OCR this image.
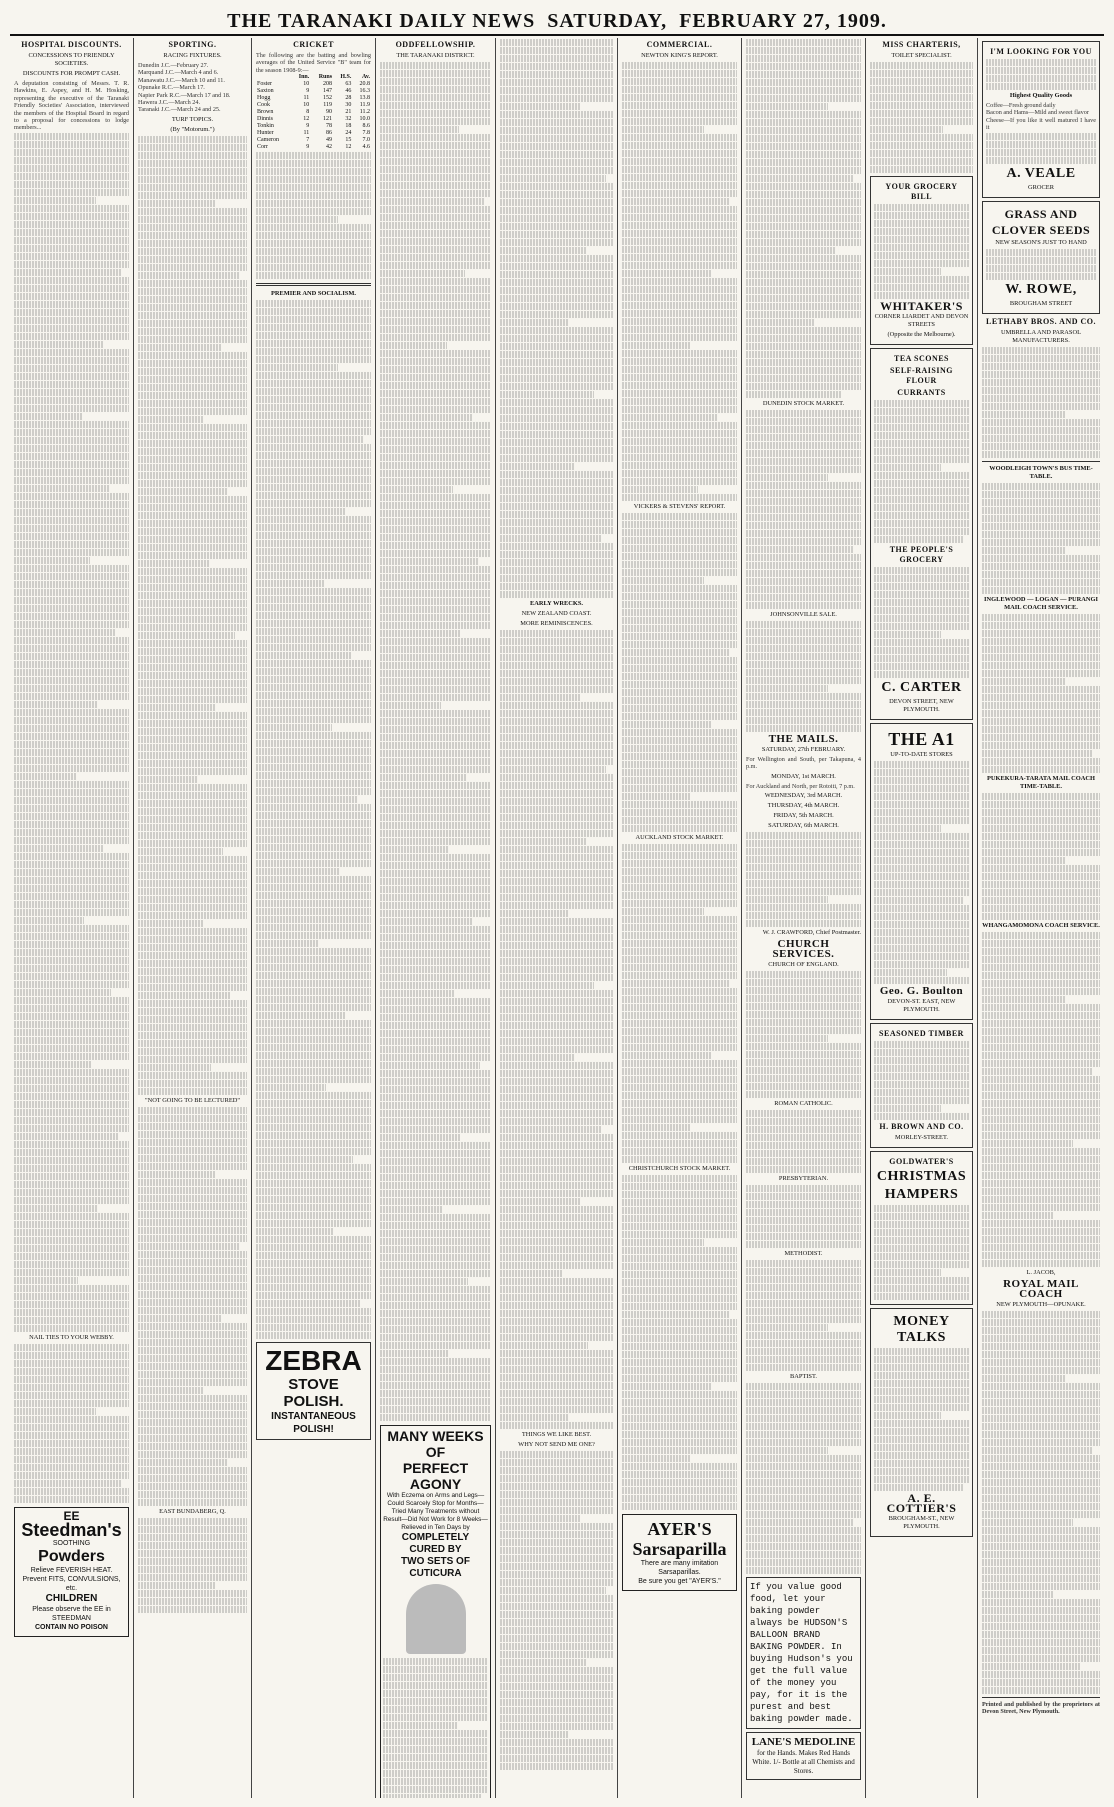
THE TARANAKI DAILY NEWS SATURDAY, FEBRUARY 27, 1909.
HOSPITAL DISCOUNTS.
CONCESSIONS TO FRIENDLY SOCIETIES.
DISCOUNTS FOR PROMPT CASH.
A deputation consisting of Messrs. T. R. Hawkins, E. Aspey, and H. M. Hosking, representing the executive of the Taranaki Friendly Societies' Association, interviewed the members of the Hospital Board in regard to a proposal for concessions to lodge members...
NAIL TIES TO YOUR WEBBY.
EE
Steedman's
SOOTHING
Powders
Relieve FEVERISH HEAT.
Prevent FITS, CONVULSIONS, etc.
CHILDREN
Please observe the EE in STEEDMAN
CONTAIN NO POISON
SPORTING.
RACING FIXTURES.
Dunedin J.C.—February 27.
Marquand J.C.—March 4 and 6.
Manawatu J.C.—March 10 and 11.
Opunake R.C.—March 17.
Napier Park R.C.—March 17 and 18.
Hawera J.C.—March 24.
Taranaki J.C.—March 24 and 25.
TURF TOPICS.
(By "Motorum.")
"NOT GOING TO BE LECTURED"
EAST BUNDABERG, Q.
CRICKET
The following are the batting and bowling averages of the United Service "B" team for the season 1908-9:—
	Inn.	Runs	H.S.	Av.
Foster	10	208	63	20.8
Saxton	9	147	46	16.3
Hogg	11	152	28	13.8
Cook	10	119	30	11.9
Brown	8	90	21	11.2
Dinnis	12	121	32	10.0
Tonkin	9	78	18	8.6
Hunter	11	86	24	7.8
Cameron	7	49	15	7.0
Corr	9	42	12	4.6
PREMIER AND SOCIALISM.
ZEBRA
STOVE POLISH.
INSTANTANEOUS POLISH!
ODDFELLOWSHIP.
THE TARANAKI DISTRICT.
MANY WEEKS OF
PERFECT AGONY
With Eczema on Arms and Legs— Could Scarcely Stop for Months— Tried Many Treatments without Result—Did Not Work for 8 Weeks—Relieved in Ten Days by
COMPLETELY CURED BY
TWO SETS OF CUTICURA
EARLY WRECKS.
NEW ZEALAND COAST.
MORE REMINISCENCES.
THINGS WE LIKE BEST.
WHY NOT SEND ME ONE?
COMMERCIAL.
NEWTON KING'S REPORT.
VICKERS & STEVENS' REPORT.
AUCKLAND STOCK MARKET.
CHRISTCHURCH STOCK MARKET.
AYER'S
Sarsaparilla
There are many imitation Sarsaparillas.
Be sure you get "AYER'S."
DUNEDIN STOCK MARKET.
JOHNSONVILLE SALE.
THE MAILS.
SATURDAY, 27th FEBRUARY.
For Wellington and South, per Takapuna, 4 p.m.
MONDAY, 1st MARCH.
For Auckland and North, per Rotoiti, 7 p.m.
WEDNESDAY, 3rd MARCH.
THURSDAY, 4th MARCH.
FRIDAY, 5th MARCH.
SATURDAY, 6th MARCH.
W. J. CRAWFORD, Chief Postmaster.
CHURCH SERVICES.
CHURCH OF ENGLAND.
ROMAN CATHOLIC.
PRESBYTERIAN.
METHODIST.
BAPTIST.
If you value good food, let your baking powder always be HUDSON'S BALLOON BRAND BAKING POWDER. In buying Hudson's you get the full value of the money you pay, for it is the purest and best baking powder made.
LANE'S MEDOLINE
for the Hands. Makes Red Hands White. 1/- Bottle at all Chemists and Stores.
MISS CHARTERIS,
TOILET SPECIALIST.
YOUR GROCERY BILL
WHITAKER'S
CORNER LIARDET AND DEVON STREETS
(Opposite the Melbourne).
TEA SCONES
SELF-RAISING FLOUR
CURRANTS
THE PEOPLE'S GROCERY
C. CARTER
DEVON STREET, NEW PLYMOUTH.
THE A1
UP-TO-DATE STORES
Geo. G. Boulton
DEVON-ST. EAST, NEW PLYMOUTH.
SEASONED TIMBER
H. BROWN AND CO.
MORLEY-STREET.
GOLDWATER'S
CHRISTMAS
HAMPERS
MONEY TALKS
A. E. COTTIER'S
BROUGHAM-ST., NEW PLYMOUTH.
I'M LOOKING FOR YOU
Highest Quality Goods
Coffee—Fresh ground daily
Bacon and Hams—Mild and sweet flavor
Cheese—If you like it well matured I have it
A. VEALE
GROCER
GRASS AND
CLOVER SEEDS
NEW SEASON'S JUST TO HAND
W. ROWE,
BROUGHAM STREET
LETHABY BROS. AND CO.
UMBRELLA AND PARASOL MANUFACTURERS.
WOODLEIGH TOWN'S BUS TIME-TABLE.
INGLEWOOD — LOGAN — PURANGI MAIL COACH SERVICE.
PUKEKURA-TARATA MAIL COACH TIME-TABLE.
WHANGAMOMONA COACH SERVICE.
L. JACOB,
ROYAL MAIL COACH
NEW PLYMOUTH—OPUNAKE.
Printed and published by the proprietors at Devon Street, New Plymouth.
